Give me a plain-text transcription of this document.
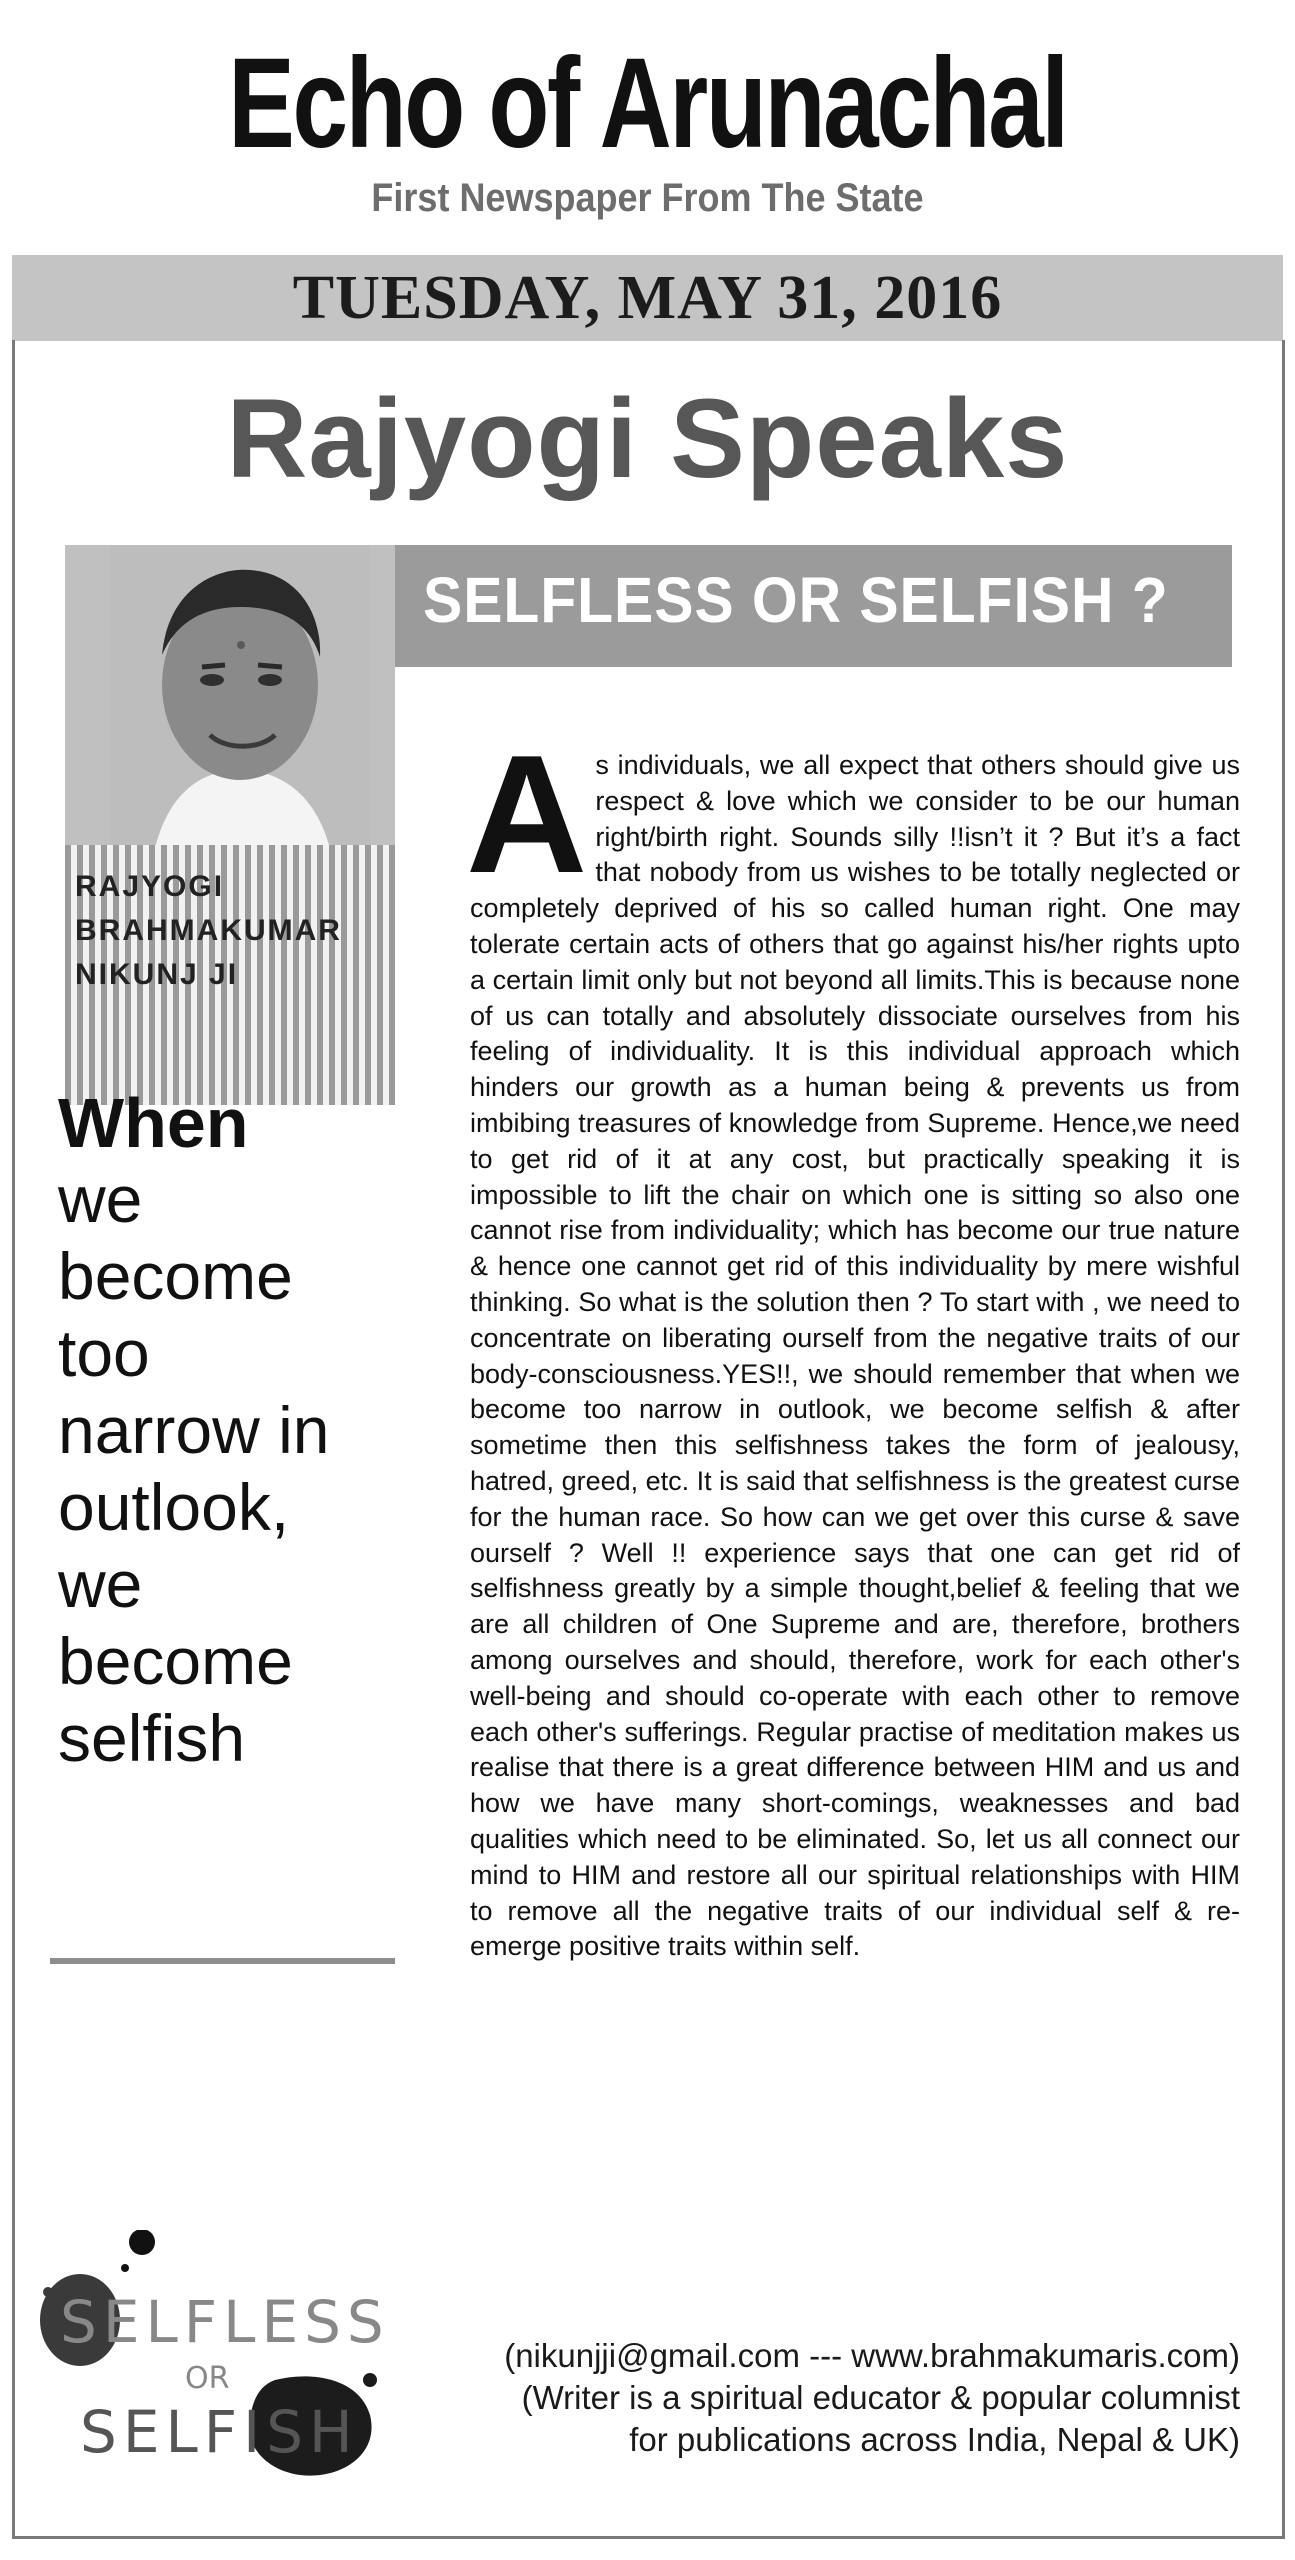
Echo of Arunachal
First Newspaper From The State
TUESDAY, MAY 31, 2016
Rajyogi Speaks
SELFLESS OR SELFISH ?
RAJYOGI
BRAHMAKUMAR
NIKUNJ JI
When
we
become
too
narrow in
outlook,
we
become
selfish
As individuals, we all expect that others should give us respect & love which we consider to be our human right/birth right. Sounds silly !!isn’t it ? But it’s a fact that nobody from us wishes to be totally neglected or completely deprived of his so called human right. One may tolerate certain acts of others that go against his/her rights upto a certain limit only but not beyond all limits.This is because none of us can totally and absolutely dissociate ourselves from his feeling of individuality. It is this individual approach which hinders our growth as a human being & prevents us from imbibing treasures of knowledge from Supreme. Hence,we need to get rid of it at any cost, but practically speaking it is impossible to lift the chair on which one is sitting so also one cannot rise from individuality; which has become our true nature & hence one cannot get rid of this individuality by mere wishful thinking. So what is the solution then ? To start with , we need to concentrate on liberating ourself from the negative traits of our body-consciousness.YES!!, we should remember that when we become too narrow in outlook, we become selfish & after sometime then this selfishness takes the form of jealousy, hatred, greed, etc. It is said that selfishness is the greatest curse for the human race. So how can we get over this curse & save ourself ? Well !! experience says that one can get rid of selfishness greatly by a simple thought,belief & feeling that we are all children of One Supreme and are, therefore, brothers among ourselves and should, therefore, work for each other's well-being and should co-operate with each other to remove each other's sufferings. Regular practise of meditation makes us realise that there is a great difference between HIM and us and how we have many short-comings, weaknesses and bad qualities which need to be eliminated. So, let us all connect our mind to HIM and restore all our spiritual relationships with HIM to remove all the negative traits of our individual self & re-emerge positive traits within self.
SELFLESS
OR
SELFISH
(nikunjji@gmail.com --- www.brahmakumaris.com)
(Writer is a spiritual educator & popular columnist
for publications across India, Nepal & UK)
